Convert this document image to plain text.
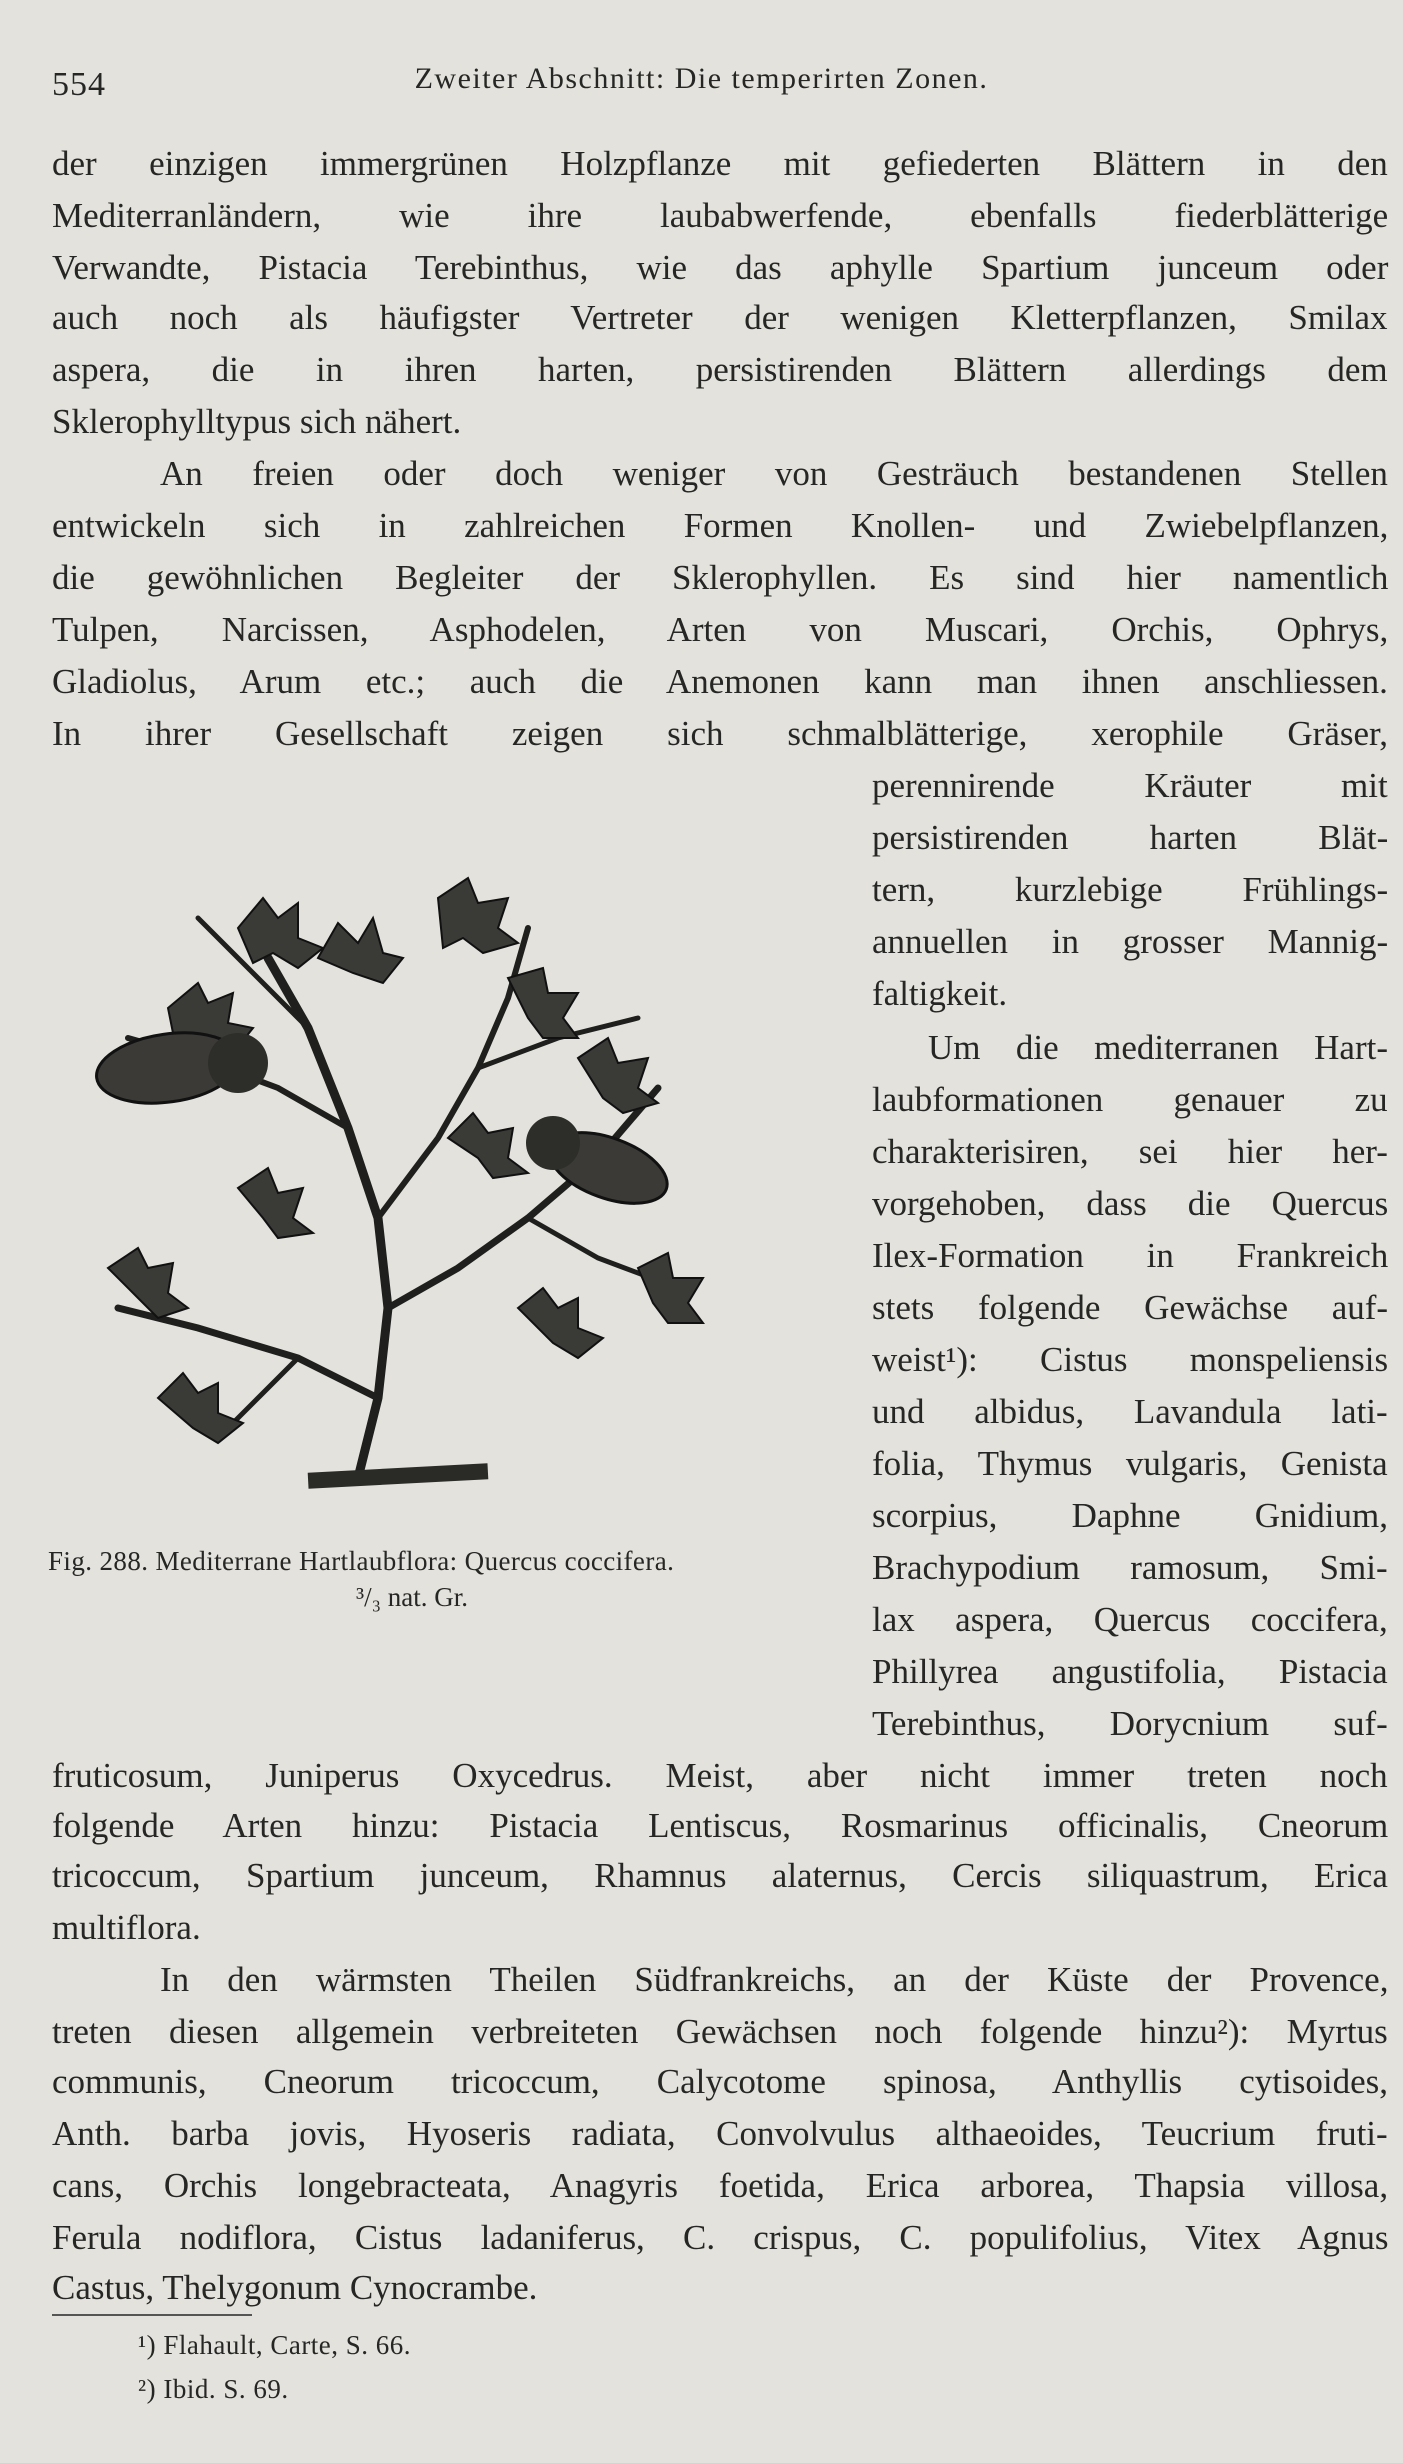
554	Zweiter Abschnitt: Die temperirten Zonen.
der einzigen immergrünen Holzpflanze mit gefiederten Blättern in den
Mediterranländern, wie ihre laubabwerfende, ebenfalls fiederblätterige
Verwandte, Pistacia Terebinthus, wie das aphylle Spartium junceum oder
auch noch als häufigster Vertreter der wenigen Kletterpflanzen, Smilax
aspera, die in ihren harten, persistirenden Blättern allerdings dem
Sklerophylltypus sich nähert.
An freien oder doch weniger von Gesträuch bestandenen Stellen
entwickeln sich in zahlreichen Formen Knollen- und Zwiebelpflanzen,
die gewöhnlichen Begleiter der Sklerophyllen. Es sind hier namentlich
Tulpen, Narcissen, Asphodelen, Arten von Muscari, Orchis, Ophrys,
Gladiolus, Arum etc.; auch die Anemonen kann man ihnen anschliessen.
In ihrer Gesellschaft zeigen sich schmalblätterige, xerophile Gräser,
perennirende Kräuter mit
persistirenden harten Blät-
tern, kurzlebige Frühlings-
annuellen in grosser Mannig-
faltigkeit.
Um die mediterranen Hart-
laubformationen genauer zu
charakterisiren, sei hier her-
vorgehoben, dass die Quercus
Ilex-Formation in Frankreich
stets folgende Gewächse auf-
weist¹): Cistus monspeliensis
und albidus, Lavandula lati-
folia, Thymus vulgaris, Genista
scorpius, Daphne Gnidium,
Brachypodium ramosum, Smi-
lax aspera, Quercus coccifera,
Phillyrea angustifolia, Pistacia
Terebinthus, Dorycnium suf-
fruticosum, Juniperus Oxycedrus. Meist, aber nicht immer treten noch
folgende Arten hinzu: Pistacia Lentiscus, Rosmarinus officinalis, Cneorum
tricoccum, Spartium junceum, Rhamnus alaternus, Cercis siliquastrum, Erica
multiflora.
In den wärmsten Theilen Südfrankreichs, an der Küste der Provence,
treten diesen allgemein verbreiteten Gewächsen noch folgende hinzu²): Myrtus
communis, Cneorum tricoccum, Calycotome spinosa, Anthyllis cytisoides,
Anth. barba jovis, Hyoseris radiata, Convolvulus althaeoides, Teucrium fruti-
cans, Orchis longebracteata, Anagyris foetida, Erica arborea, Thapsia villosa,
Ferula nodiflora, Cistus ladaniferus, C. crispus, C. populifolius, Vitex Agnus
Castus, Thelygonum Cynocrambe.
Fig. 288. Mediterrane Hartlaubflora: Quercus coccifera.
³/₃ nat. Gr.
¹) Flahault, Carte, S. 66.
²) Ibid. S. 69.
